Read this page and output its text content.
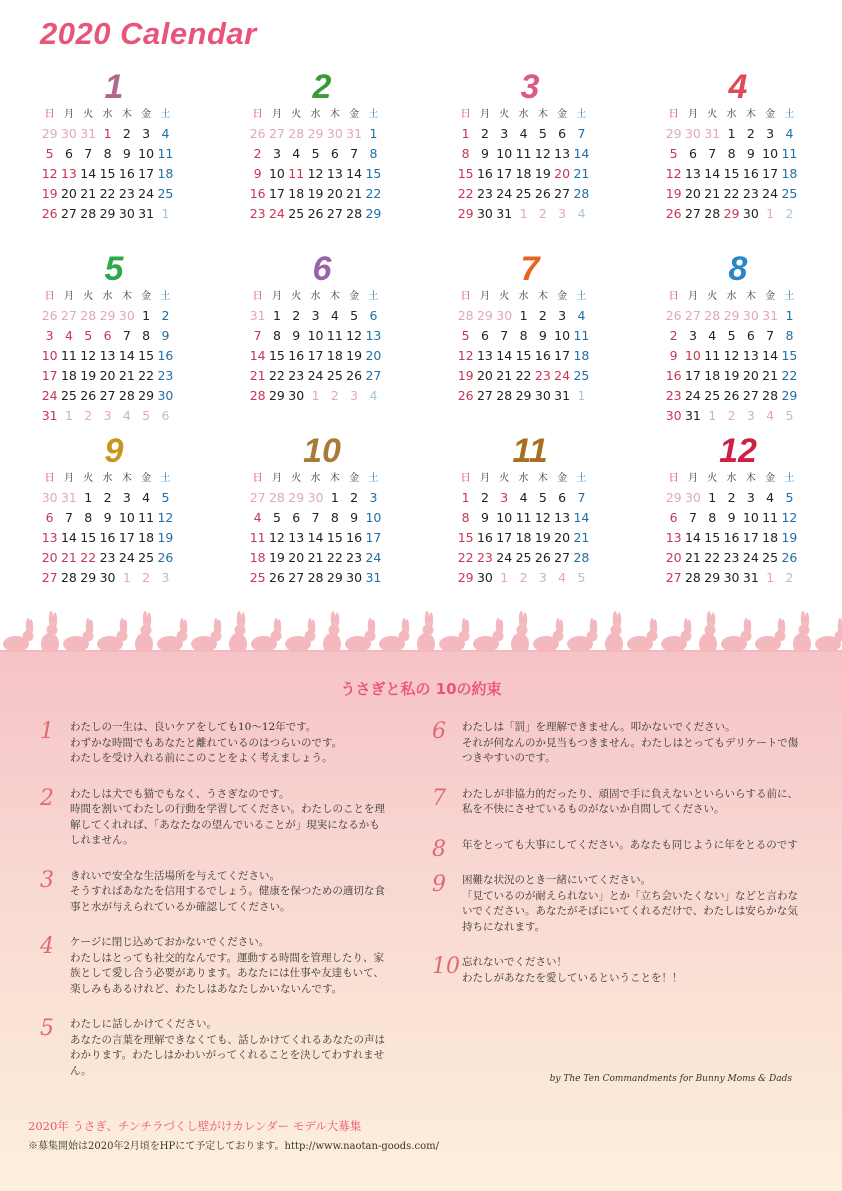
2020 Calendar
1
日 月 火 水 木 金 土
29 30 31 1 2 3 4
5 6 7 8 9 10 11
12 13 14 15 16 17 18
19 20 21 22 23 24 25
26 27 28 29 30 31 1
2
日 月 火 水 木 金 土
26 27 28 29 30 31 1
2 3 4 5 6 7 8
9 10 11 12 13 14 15
16 17 18 19 20 21 22
23 24 25 26 27 28 29
3
日 月 火 水 木 金 土
1 2 3 4 5 6 7
8 9 10 11 12 13 14
15 16 17 18 19 20 21
22 23 24 25 26 27 28
29 30 31 1 2 3 4
4
日 月 火 水 木 金 土
29 30 31 1 2 3 4
5 6 7 8 9 10 11
12 13 14 15 16 17 18
19 20 21 22 23 24 25
26 27 28 29 30 1 2
5
日 月 火 水 木 金 土
26 27 28 29 30 1 2
3 4 5 6 7 8 9
10 11 12 13 14 15 16
17 18 19 20 21 22 23
24 25 26 27 28 29 30
31 1 2 3 4 5 6
6
日 月 火 水 木 金 土
31 1 2 3 4 5 6
7 8 9 10 11 12 13
14 15 16 17 18 19 20
21 22 23 24 25 26 27
28 29 30 1 2 3 4
7
日 月 火 水 木 金 土
28 29 30 1 2 3 4
5 6 7 8 9 10 11
12 13 14 15 16 17 18
19 20 21 22 23 24 25
26 27 28 29 30 31 1
8
日 月 火 水 木 金 土
26 27 28 29 30 31 1
2 3 4 5 6 7 8
9 10 11 12 13 14 15
16 17 18 19 20 21 22
23 24 25 26 27 28 29
30 31 1 2 3 4 5
9
日 月 火 水 木 金 土
30 31 1 2 3 4 5
6 7 8 9 10 11 12
13 14 15 16 17 18 19
20 21 22 23 24 25 26
27 28 29 30 1 2 3
10
日 月 火 水 木 金 土
27 28 29 30 1 2 3
4 5 6 7 8 9 10
11 12 13 14 15 16 17
18 19 20 21 22 23 24
25 26 27 28 29 30 31
11
日 月 火 水 木 金 土
1 2 3 4 5 6 7
8 9 10 11 12 13 14
15 16 17 18 19 20 21
22 23 24 25 26 27 28
29 30 1 2 3 4 5
12
日 月 火 水 木 金 土
29 30 1 2 3 4 5
6 7 8 9 10 11 12
13 14 15 16 17 18 19
20 21 22 23 24 25 26
27 28 29 30 31 1 2
うさぎと私の 10の約束
1 わたしの一生は、良いケアをしても10～12年です。
わずかな時間でもあなたと離れているのはつらいのです。
わたしを受け入れる前にこのことをよく考えましょう。
2 わたしは犬でも猫でもなく、うさぎなのです。
時間を割いてわたしの行動を学習してください。わたしのことを理解してくれれば、「あなたなの望んでいることが」現実になるかもしれません。
3 きれいで安全な生活場所を与えてください。
そうすればあなたを信用するでしょう。健康を保つための適切な食事と水が与えられているか確認してください。
4 ケージに閉じ込めておかないでください。
わたしはとっても社交的なんです。運動する時間を管理したり、家族として愛し合う必要があります。あなたには仕事や友達もいて、楽しみもあるけれど、わたしはあなたしかいないんです。
5 わたしに話しかけてください。
あなたの言葉を理解できなくても、話しかけてくれるあなたの声はわかります。わたしはかわいがってくれることを決してわすれません。
6 わたしは「罰」を理解できません。叩かないでください。
それが何なんのか見当もつきません。わたしはとってもデリケートで傷つきやすいのです。
7 わたしが非協力的だったり、頑固で手に負えないといらいらする前に、私を不快にさせているものがないか自問してください。
8 年をとっても大事にしてください。あなたも同じように年をとるのです
9 困難な状況のとき一緒にいてください。
「見ているのが耐えられない」とか「立ち会いたくない」などと言わないでください。あなたがそばにいてくれるだけで、わたしは安らかな気持ちになれます。
10 忘れないでください！
わたしがあなたを愛しているということを！！
by The Ten Commandments for Bunny Moms & Dads
2020年 うさぎ、チンチラづくし壁がけカレンダー モデル大募集
※募集開始は2020年2月頃をHPにて予定しております。http://www.naotan-goods.com/
